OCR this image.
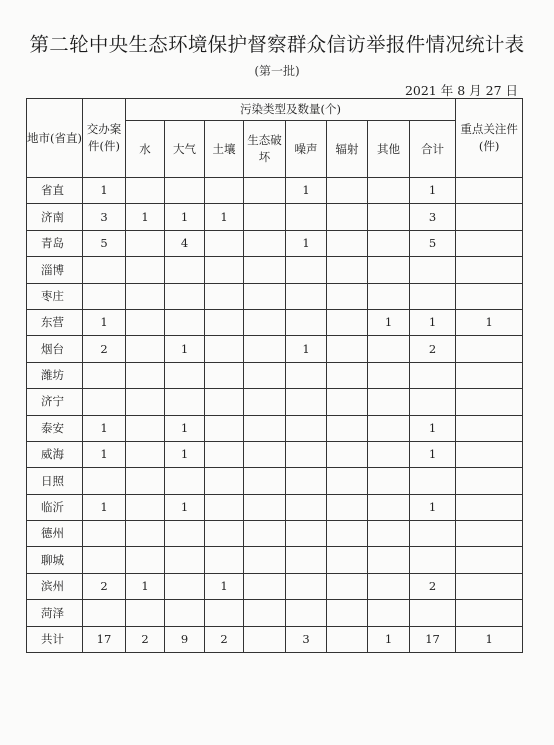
第二轮中央生态环境保护督察群众信访举报件情况统计表
(第一批)
2021 年 8 月 27 日
地市(省直)	交办案件(件)	污染类型及数量(个)								重点关注件(件)
		水	大气	土壤	生态破坏	噪声	辐射	其他	合计	
省直	1					1			1	
济南	3	1	1	1					3	
青岛	5		4			1			5	
淄博										
枣庄										
东营	1							1	1	1
烟台	2		1			1			2	
潍坊										
济宁										
泰安	1		1						1	
威海	1		1						1	
日照										
临沂	1		1						1	
德州										
聊城										
滨州	2	1		1					2	
菏泽										
共计	17	2	9	2		3		1	17	1
